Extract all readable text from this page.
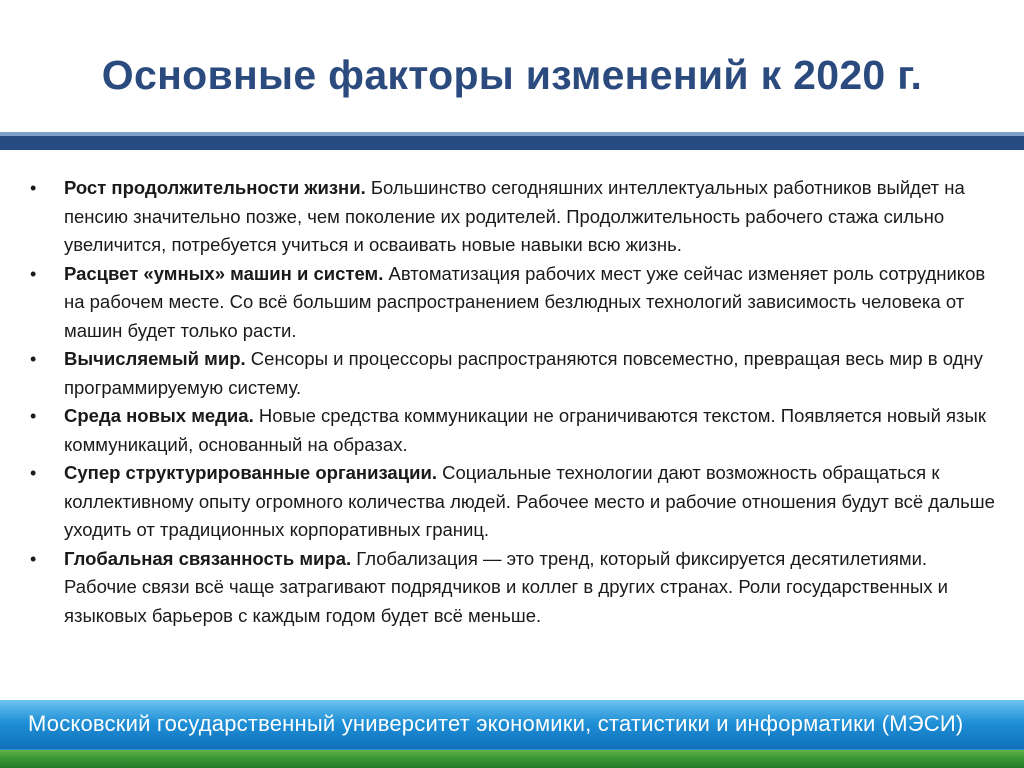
Основные факторы изменений к 2020 г.
• Рост продолжительности жизни. Большинство сегодняшних интеллектуальных работников выйдет на пенсию значительно позже, чем поколение их родителей. Продолжительность рабочего стажа сильно увеличится, потребуется учиться и осваивать новые навыки всю жизнь.
• Расцвет «умных» машин и систем. Автоматизация рабочих мест уже сейчас изменяет роль сотрудников на рабочем месте. Со всё большим распространением безлюдных технологий зависимость человека от машин будет только расти.
• Вычисляемый мир. Сенсоры и процессоры распространяются повсеместно, превращая весь мир в одну программируемую систему.
• Среда новых медиа. Новые средства коммуникации не ограничиваются текстом. Появляется новый язык коммуникаций, основанный на образах.
• Супер структурированные организации. Социальные технологии дают возможность обращаться к коллективному опыту огромного количества людей. Рабочее место и рабочие отношения будут всё дальше уходить от традиционных корпоративных границ.
• Глобальная связанность мира. Глобализация — это тренд, который фиксируется десятилетиями. Рабочие связи всё чаще затрагивают подрядчиков и коллег в других странах. Роли государственных и языковых барьеров с каждым годом будет всё меньше.
Московский государственный университет экономики, статистики и информатики (МЭСИ)
